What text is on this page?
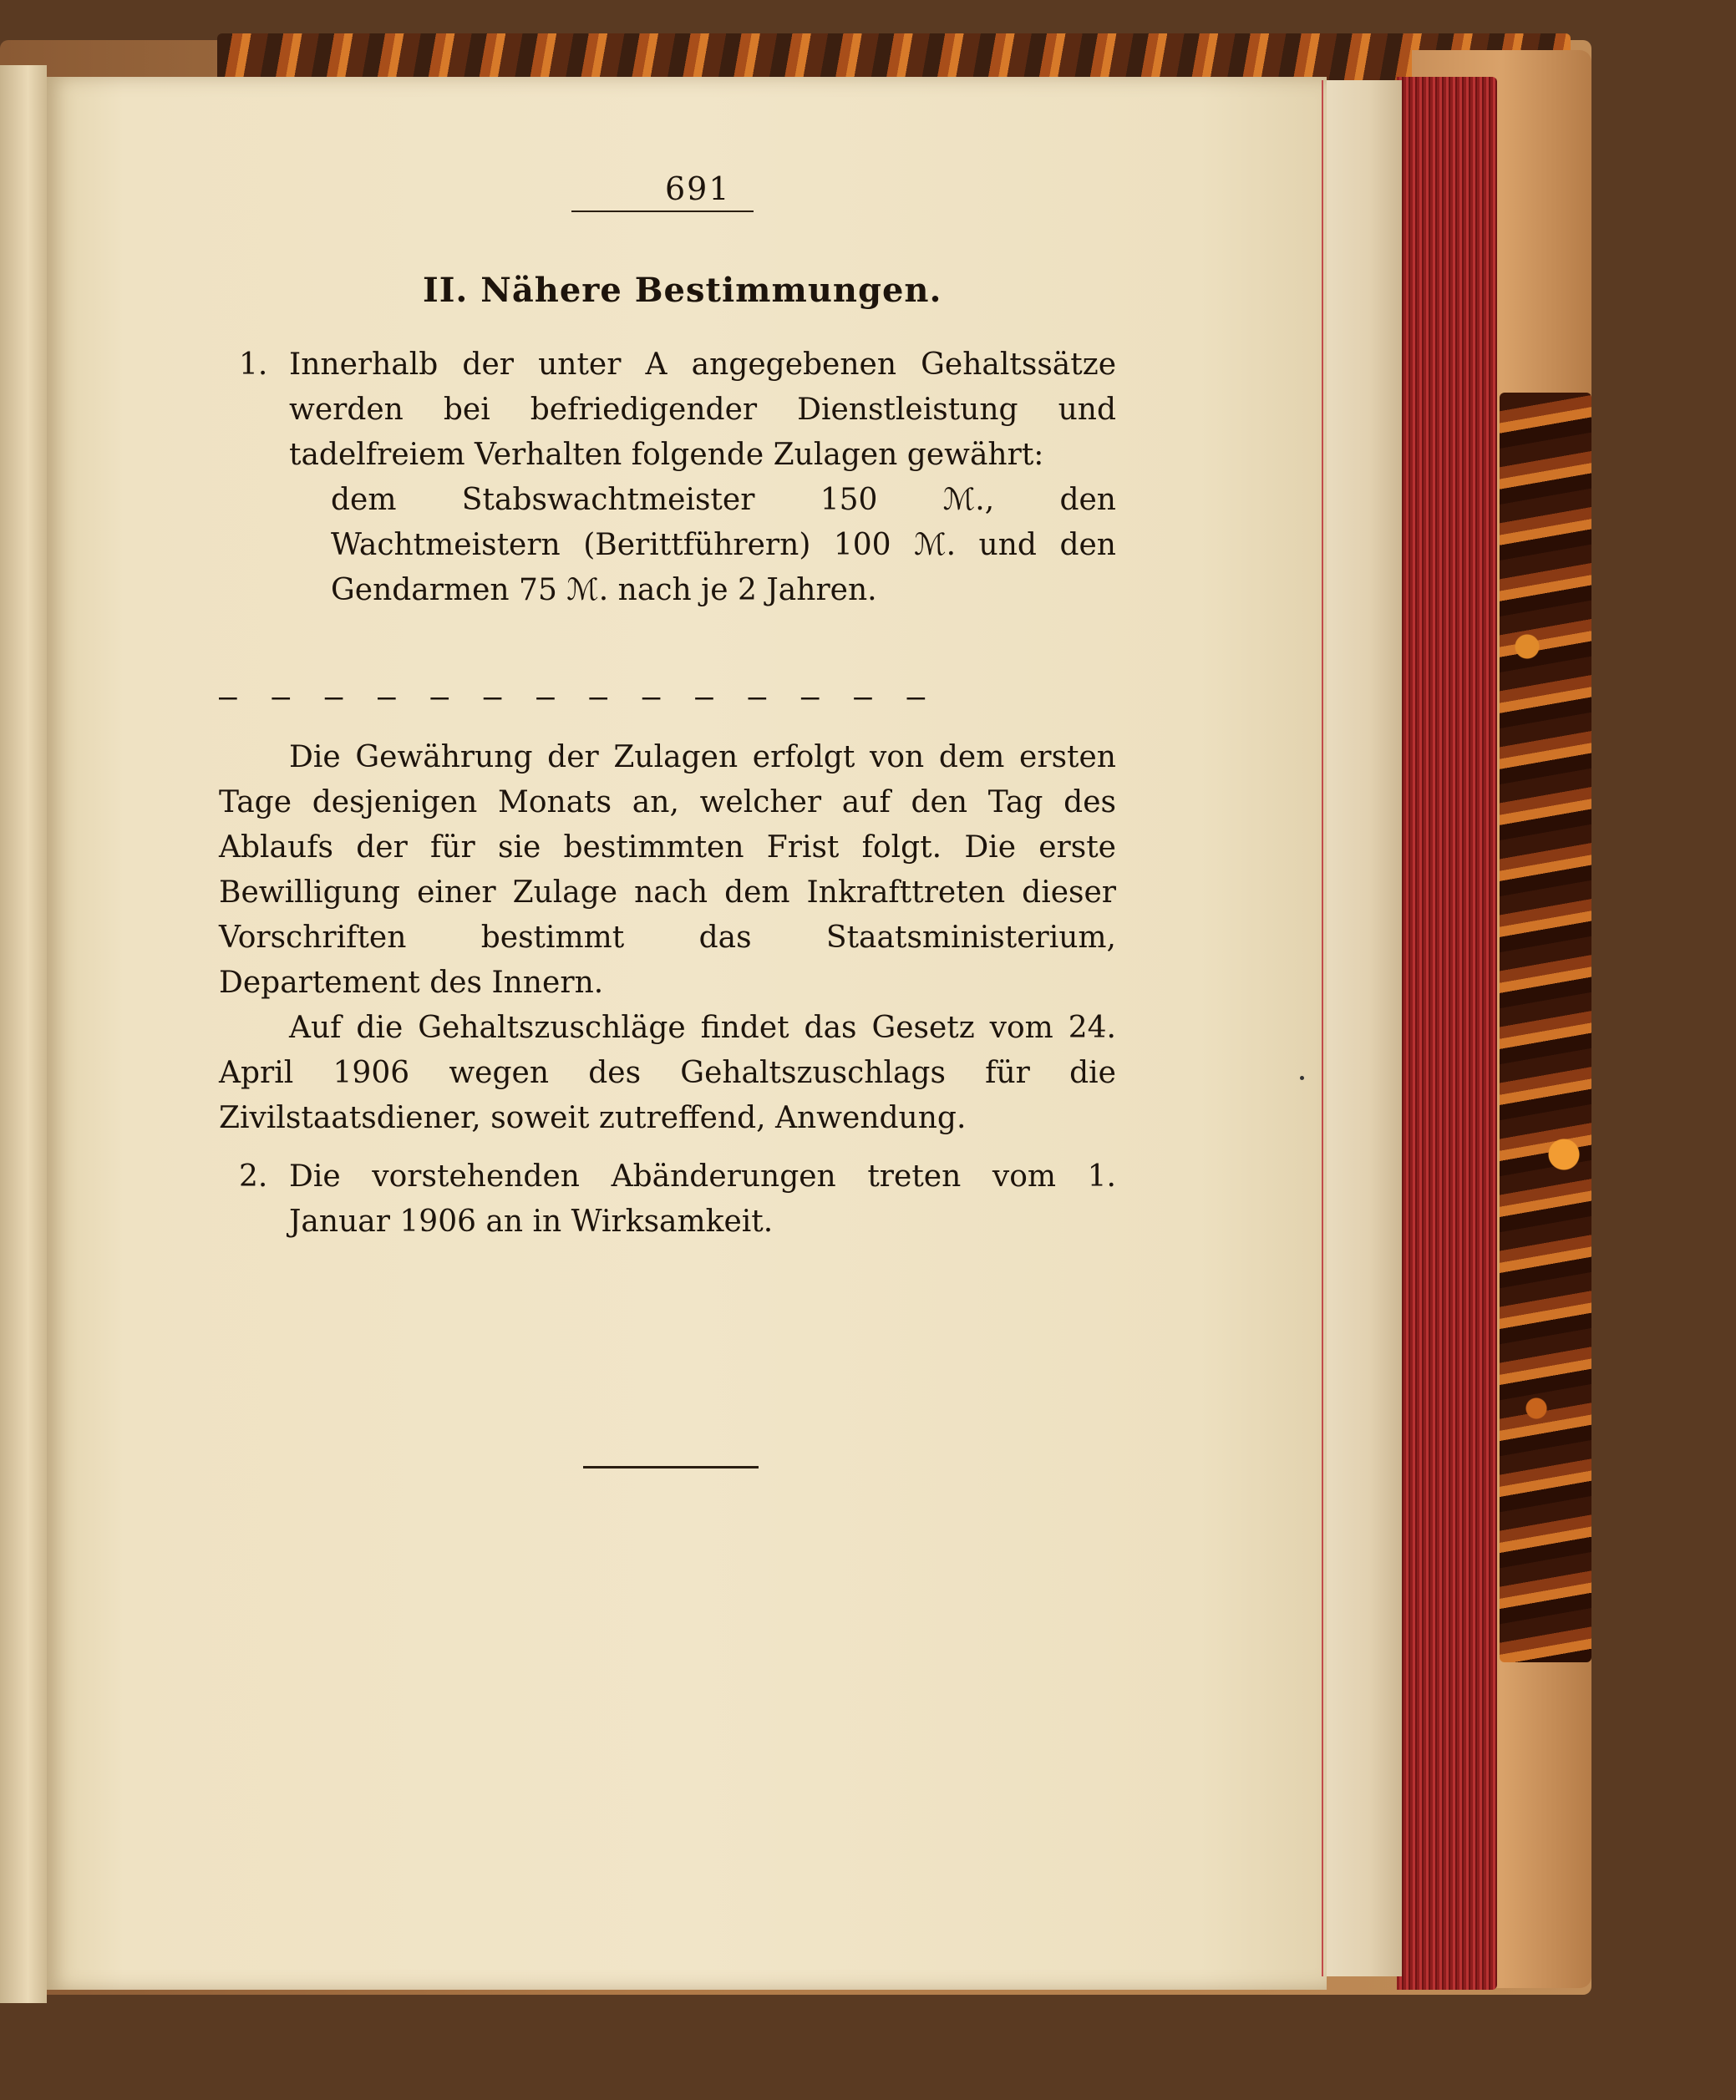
691
II. Nähere Bestimmungen.
1. Innerhalb der unter A angegebenen Gehaltssätze werden bei befriedigender Dienstleistung und tadelfreiem Verhalten folgende Zulagen gewährt:
dem Stabswachtmeister 150 ℳ., den Wachtmeistern (Berittführern) 100 ℳ. und den Gendarmen 75 ℳ. nach je 2 Jahren.
— — — — — — — — — — — — — —
Die Gewährung der Zulagen erfolgt von dem ersten Tage desjenigen Monats an, welcher auf den Tag des Ablaufs der für sie bestimmten Frist folgt. Die erste Bewilligung einer Zulage nach dem Inkrafttreten dieser Vorschriften bestimmt das Staatsministerium, Departement des Innern.
Auf die Gehaltszuschläge findet das Gesetz vom 24. April 1906 wegen des Gehaltszuschlags für die Zivilstaatsdiener, soweit zutreffend, Anwendung.
2. Die vorstehenden Abänderungen treten vom 1. Januar 1906 an in Wirksamkeit.
